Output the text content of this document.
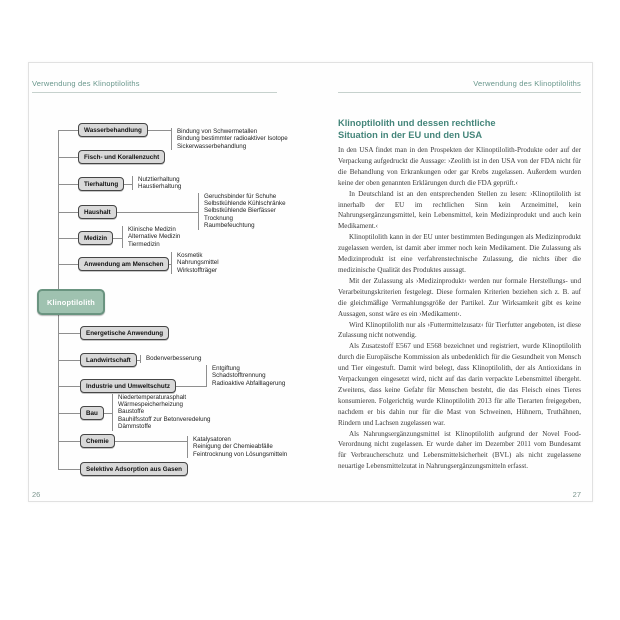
Verwendung des Klinoptiloliths
Bindung von Schwermetallen
Bindung bestimmter radioaktiver Isotope
Sickerwasserbehandlung
Wasserbehandlung
Fisch- und Korallenzucht
Nutztierhaltung
Haustierhaltung
Tierhaltung
Geruchsbinder für Schuhe
Selbstkühlende Kühlschränke
Selbstkühlende Bierfässer
Trocknung
Raumbefeuchtung
Haushalt
Klinische Medizin
Alternative Medizin
Tiermedizin
Medizin
Kosmetik
Nahrungsmittel
Wirkstoffträger
Anwendung am Menschen
Energetische Anwendung
Bodenverbesserung
Landwirtschaft
Entgiftung
Schadstofftrennung
Radioaktive Abfalllagerung
Industrie und Umweltschutz
Niedertemperaturasphalt
Wärmespeicherheizung
Baustoffe
Bauhilfsstoff zur Betonveredelung
Dämmstoffe
Bau
Katalysatoren
Reinigung der Chemieabfälle
Feintrocknung von Lösungsmitteln
Chemie
Selektive Adsorption aus Gasen
Klinoptilolith
26
Verwendung des Klinoptiloliths
Klinoptilolith und dessen rechtliche
Situation in der EU und den USA

In den USA findet man in den Prospekten der Klinoptilolith-Produkte oder auf der Verpackung aufgedruckt die Aussage: ›Zeolith ist in den USA von der FDA nicht für die Behandlung von Erkrankungen oder gar Krebs zugelassen. Außerdem wurden keine der oben genannten Erklärungen durch die FDA geprüft.‹

In Deutschland ist an den entsprechenden Stellen zu lesen: ›Klinoptilolith ist innerhalb der EU im rechtlichen Sinn kein Arzneimittel, kein Nahrungsergänzungsmittel, kein Lebensmittel, kein Medizinprodukt und auch kein Medikament.‹

Klinoptilolith kann in der EU unter bestimmten Bedingungen als Medizinprodukt zugelassen werden, ist damit aber immer noch kein Medikament. Die Zulassung als Medizinprodukt ist eine verfahrenstechnische Zulassung, die nichts über die medizinische Qualität des Produktes aussagt.

Mit der Zulassung als ›Medizinprodukt‹ werden nur formale Herstellungs- und Verarbeitungskriterien festgelegt. Diese formalen Kriterien beziehen sich z. B. auf die gleichmäßige Vermahlungsgröße der Partikel. Zur Wirksamkeit gibt es keine Aussagen, sonst wäre es ein ›Medikament‹.

Wird Klinoptilolith nur als ›Futtermittelzusatz‹ für Tierfutter angeboten, ist diese Zulassung nicht notwendig.

Als Zusatzstoff E567 und E568 bezeichnet und registriert, wurde Klinoptilolith durch die Europäische Kommission als unbedenklich für die Gesundheit von Mensch und Tier eingestuft. Damit wird belegt, dass Klinoptilolith, der als Antioxidans in Verpackungen eingesetzt wird, nicht auf das darin verpackte Lebensmittel übergeht. Zweitens, dass keine Gefahr für Menschen besteht, die das Fleisch eines Tieres konsumieren. Folgerichtig wurde Klinoptilolith 2013 für alle Tierarten freigegeben, nachdem er bis dahin nur für die Mast von Schweinen, Hühnern, Truthähnen, Rindern und Lachsen zugelassen war.

Als Nahrungsergänzungsmittel ist Klinoptilolith aufgrund der Novel Food-Verordnung nicht zugelassen. Er wurde daher im Dezember 2011 vom Bundesamt für Verbraucherschutz und Lebensmittelsicherheit (BVL) als nicht zugelassene neuartige Lebensmittelzutat in Nahrungsergänzungsmitteln erfasst.

27
